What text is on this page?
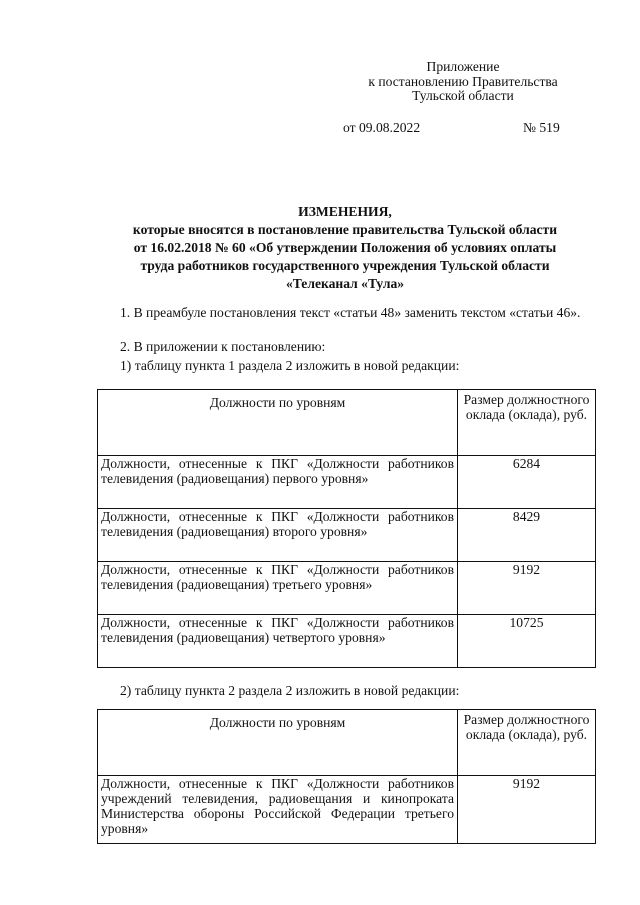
Приложение
к постановлению Правительства
Тульской области
от 09.08.2022	№ 519
ИЗМЕНЕНИЯ,
которые вносятся в постановление правительства Тульской области
от 16.02.2018 № 60 «Об утверждении Положения об условиях оплаты
труда работников государственного учреждения Тульской области
«Телеканал «Тула»
1. В преамбуле постановления текст «статьи 48» заменить текстом «статьи 46».
2. В приложении к постановлению:
1) таблицу пункта 1 раздела 2 изложить в новой редакции:
Должности по уровням	Размер должностного оклада (оклада), руб.
Должности, отнесенные к ПКГ «Должности работников телевидения (радиовещания) первого уровня»	6284
Должности, отнесенные к ПКГ «Должности работников телевидения (радиовещания) второго уровня»	8429
Должности, отнесенные к ПКГ «Должности работников телевидения (радиовещания) третьего уровня»	9192
Должности, отнесенные к ПКГ «Должности работников телевидения (радиовещания) четвертого уровня»	10725
2) таблицу пункта 2 раздела 2 изложить в новой редакции:
Должности по уровням	Размер должностного оклада (оклада), руб.
Должности, отнесенные к ПКГ «Должности работников учреждений телевидения, радиовещания и кинопроката Министерства обороны Российской Федерации третьего уровня»	9192
